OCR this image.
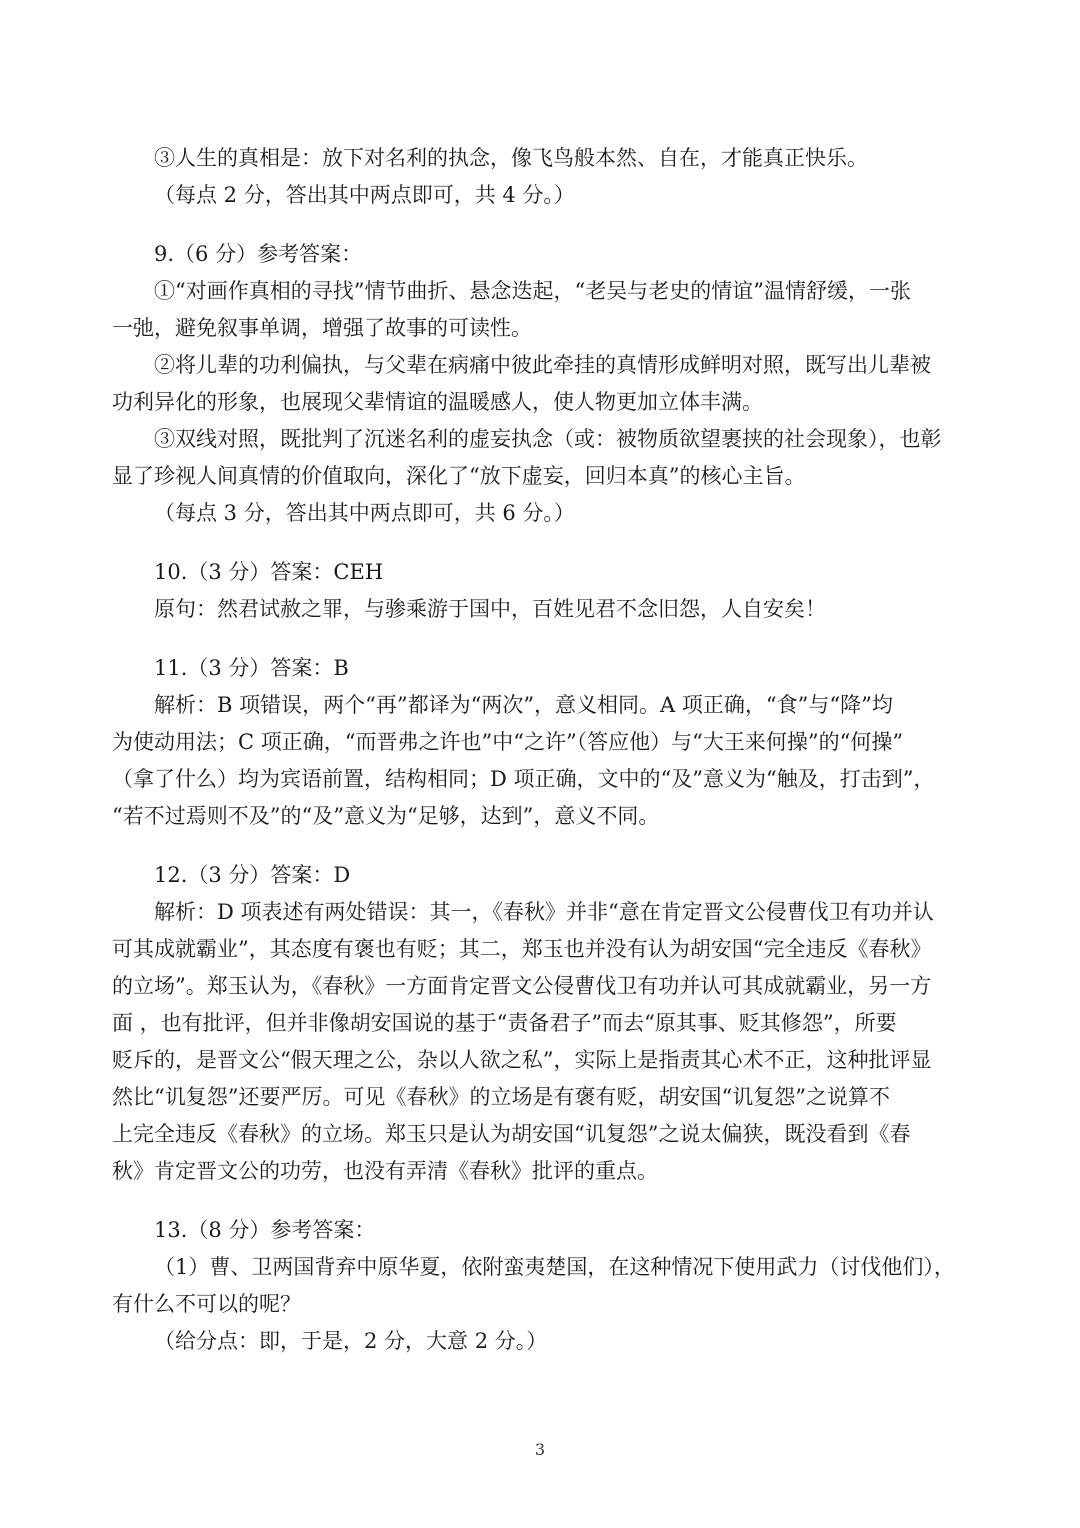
③人生的真相是：放下对名利的执念，像飞鸟般本然、自在，才能真正快乐。
（每点 2 分，答出其中两点即可，共 4 分。）
9.（6 分）参考答案：
①“对画作真相的寻找”情节曲折、悬念迭起，“老吴与老史的情谊”温情舒缓，一张
一弛，避免叙事单调，增强了故事的可读性。
②将儿辈的功利偏执，与父辈在病痛中彼此牵挂的真情形成鲜明对照，既写出儿辈被
功利异化的形象，也展现父辈情谊的温暖感人，使人物更加立体丰满。
③双线对照，既批判了沉迷名利的虚妄执念（或：被物质欲望裹挟的社会现象），也彰
显了珍视人间真情的价值取向，深化了“放下虚妄，回归本真”的核心主旨。
（每点 3 分，答出其中两点即可，共 6 分。）
10.（3 分）答案：CEH
原句：然君试赦之罪，与骖乘游于国中，百姓见君不念旧怨，人自安矣！
11.（3 分）答案：B
解析：B 项错误，两个“再”都译为“两次”，意义相同。A 项正确，“食”与“降”均
为使动用法；C 项正确，“而晋弗之许也”中“之许”（答应他）与“大王来何操”的“何操”
（拿了什么）均为宾语前置，结构相同；D 项正确，文中的“及”意义为“触及，打击到”，
“若不过焉则不及”的“及”意义为“足够，达到”，意义不同。
12.（3 分）答案：D
解析：D 项表述有两处错误：其一，《春秋》并非“意在肯定晋文公侵曹伐卫有功并认
可其成就霸业”，其态度有褒也有贬；其二，郑玉也并没有认为胡安国“完全违反《春秋》
的立场”。郑玉认为，《春秋》一方面肯定晋文公侵曹伐卫有功并认可其成就霸业，另一方
面 ，也有批评，但并非像胡安国说的基于“责备君子”而去“原其事、贬其修怨”，所要
贬斥的，是晋文公“假天理之公，杂以人欲之私”，实际上是指责其心术不正，这种批评显
然比“讥复怨”还要严厉。可见《春秋》的立场是有褒有贬，胡安国“讥复怨”之说算不
上完全违反《春秋》的立场。郑玉只是认为胡安国“讥复怨”之说太偏狭，既没看到《春
秋》肯定晋文公的功劳，也没有弄清《春秋》批评的重点。
13.（8 分）参考答案：
（1）曹、卫两国背弃中原华夏，依附蛮夷楚国，在这种情况下使用武力（讨伐他们），
有什么不可以的呢？
（给分点：即，于是，2 分，大意 2 分。）
3
